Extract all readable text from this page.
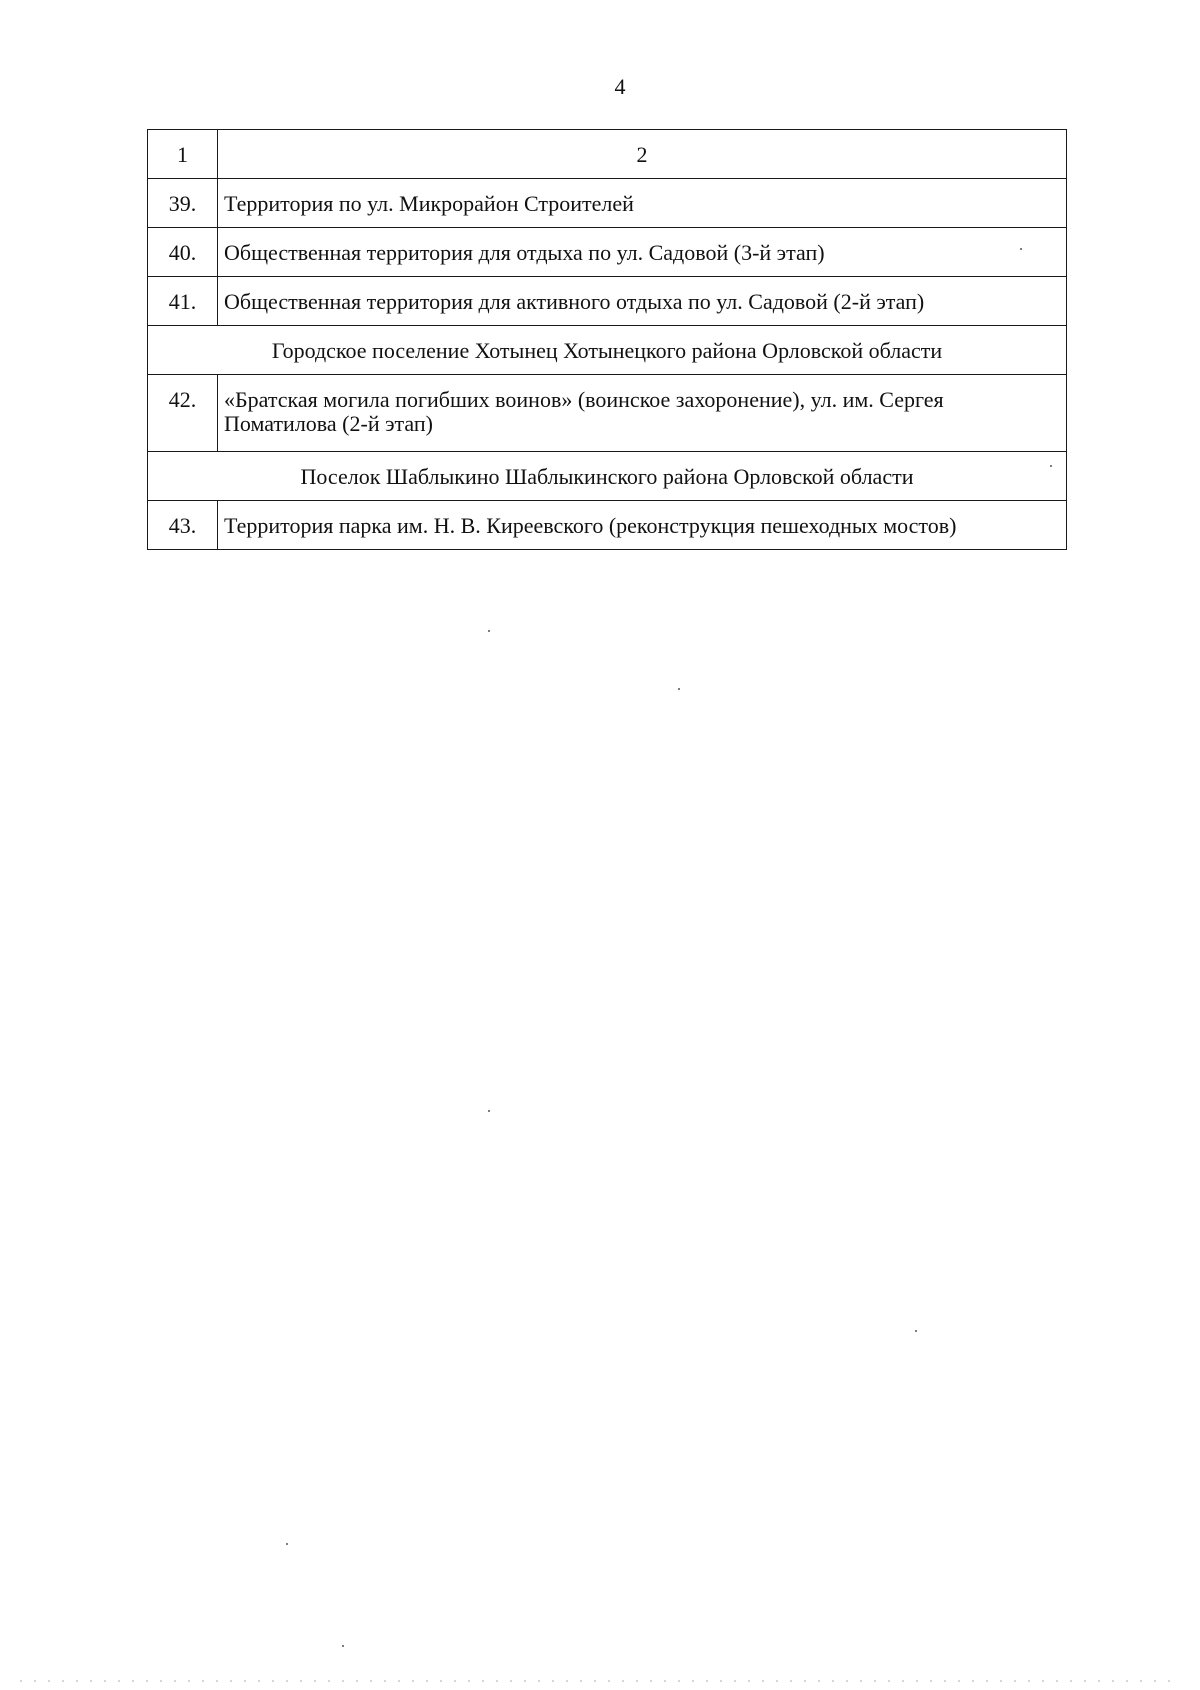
4
1	2
39.	Территория по ул. Микрорайон Строителей
40.	Общественная территория для отдыха по ул. Садовой (3-й этап)
41.	Общественная территория для активного отдыха по ул. Садовой (2-й этап)
Городское поселение Хотынец Хотынецкого района Орловской области	
42.	«Братская могила погибших воинов» (воинское захоронение), ул. им. Сергея Поматилова (2-й этап)
Поселок Шаблыкино Шаблыкинского района Орловской области	
43.	Территория парка им. Н. В. Киреевского (реконструкция пешеходных мостов)
